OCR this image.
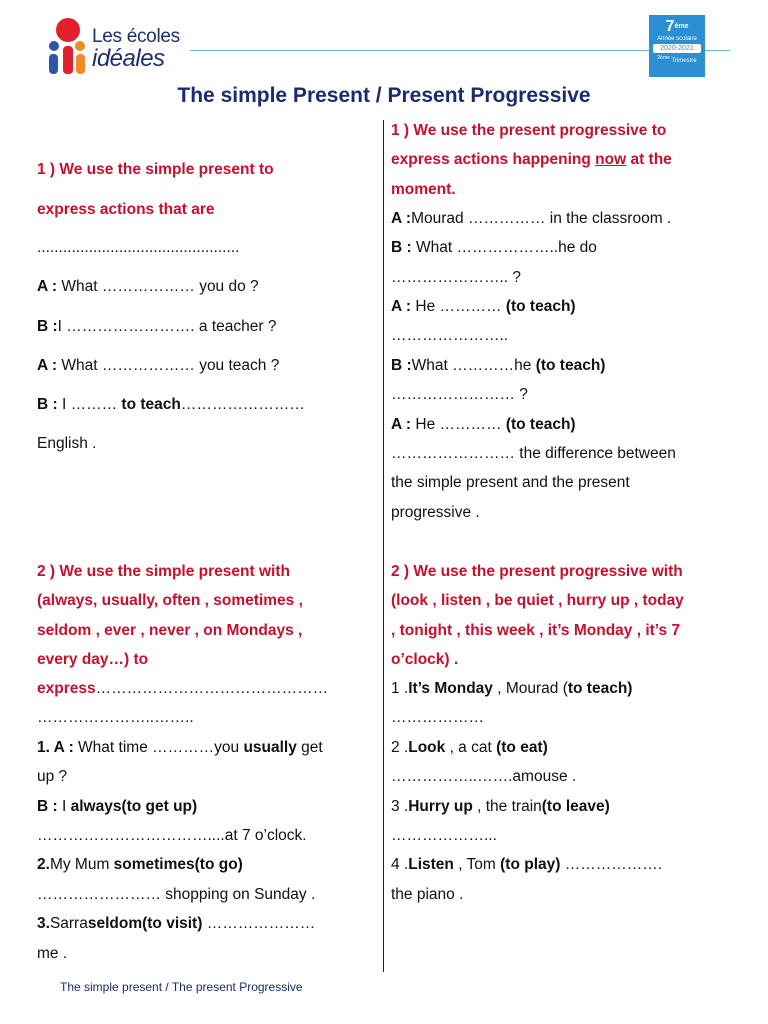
Les écoles
idéales
7ème
Année scolaire
2020-2021
$^{2ème}$ Trimestre
The simple Present / Present Progressive
1 ) We use the simple present to
express actions that are
...............................................
A : What ……………… you do ?
B :I ……………………. a teacher ?
A : What ……………… you teach ?
B : I ……… to teach……………………
English .
2 ) We use the simple present with
(always, usually, often , sometimes ,
seldom , ever , never , on Mondays ,
every day…) to
express………………………………………
…………………..……..
1. A : What time …………you usually get
up ?
B : I always(to get up)
……………………………....at 7 o’clock.
2.My Mum sometimes(to go)
…………………… shopping on Sunday .
3.Sarraseldom(to visit) …………………
me .
1 ) We use the present progressive to
express actions happening now at the
moment.
A :Mourad …………… in the classroom .
B : What ………………..he do
………………….. ?
A : He ………… (to teach)
…………………..
B :What …………he (to teach)
…………………… ?
A : He ………… (to teach)
…………………… the difference between
the simple present and the present
progressive .
2 ) We use the present progressive with
(look , listen , be quiet , hurry up , today
, tonight , this week , it’s Monday , it’s 7
o’clock) .
1 .It’s Monday , Mourad (to teach)
………………
2 .Look , a cat (to eat)
……………..…….amouse .
3 .Hurry up , the train(to leave)
………………...
4 .Listen , Tom (to play) ……………….
the piano .
The simple present / The present Progressive
